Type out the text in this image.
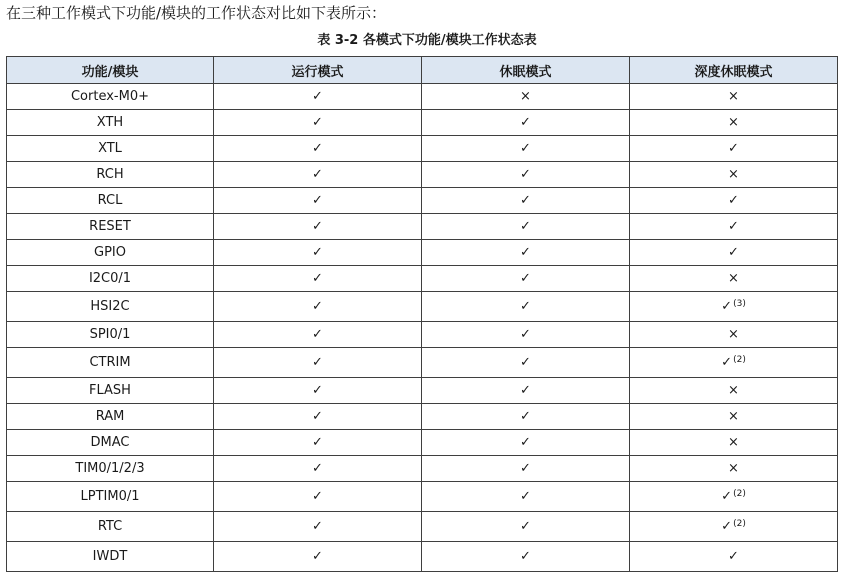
在三种工作模式下功能/模块的工作状态对比如下表所示：
表 3-2 各模式下功能/模块工作状态表
功能/模块	运行模式	休眠模式	深度休眠模式
Cortex-M0+	✓	×	×
XTH	✓	✓	×
XTL	✓	✓	✓
RCH	✓	✓	×
RCL	✓	✓	✓
RESET	✓	✓	✓
GPIO	✓	✓	✓
I2C0/1	✓	✓	×
HSI2C	✓	✓	✓$^{(3)}$
SPI0/1	✓	✓	×
CTRIM	✓	✓	✓$^{(2)}$
FLASH	✓	✓	×
RAM	✓	✓	×
DMAC	✓	✓	×
TIM0/1/2/3	✓	✓	×
LPTIM0/1	✓	✓	✓$^{(2)}$
RTC	✓	✓	✓$^{(2)}$
IWDT	✓	✓	✓
